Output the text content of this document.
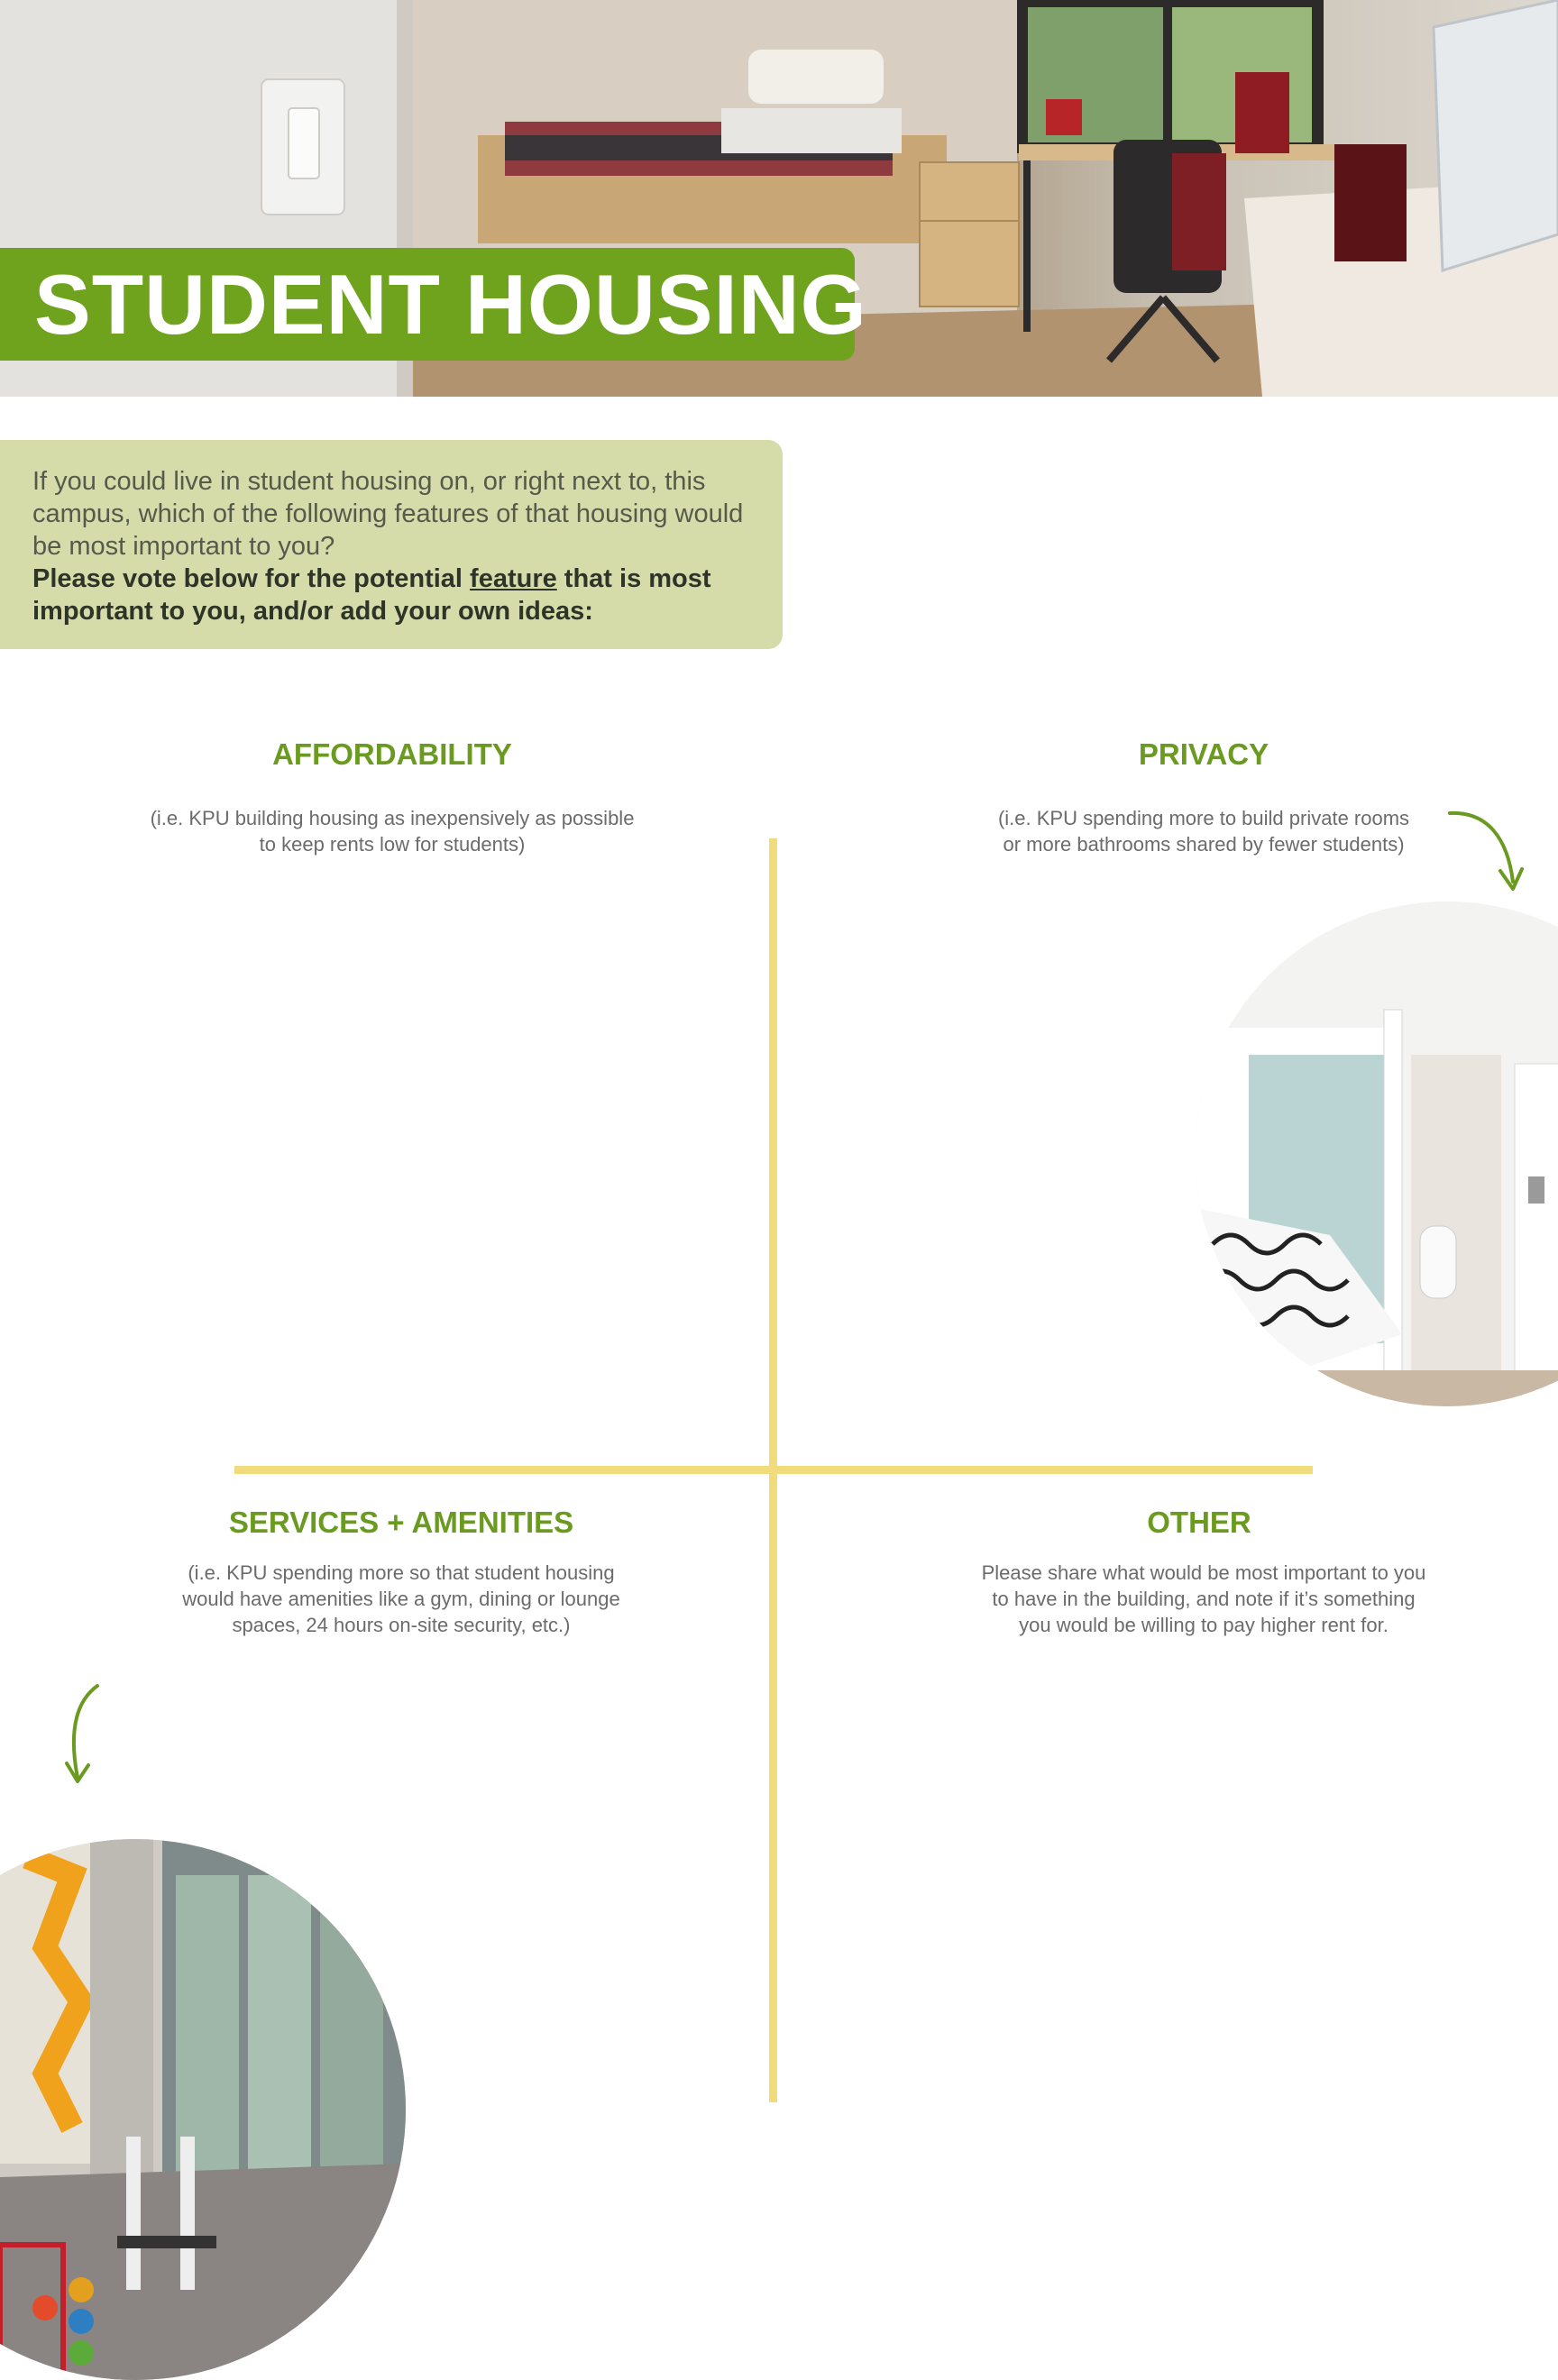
STUDENT HOUSING
If you could live in student housing on, or right next to, this campus, which of the following features of that housing would be most important to you?
Please vote below for the potential feature that is most important to you, and/or add your own ideas:
AFFORDABILITY
(i.e. KPU building housing as inexpensively as possible
to keep rents low for students)
PRIVACY
(i.e. KPU spending more to build private rooms
or more bathrooms shared by fewer students)
SERVICES + AMENITIES
(i.e. KPU spending more so that student housing
would have amenities like a gym, dining or lounge
spaces, 24 hours on-site security, etc.)
OTHER
Please share what would be most important to you
to have in the building, and note if it’s something
you would be willing to pay higher rent for.
